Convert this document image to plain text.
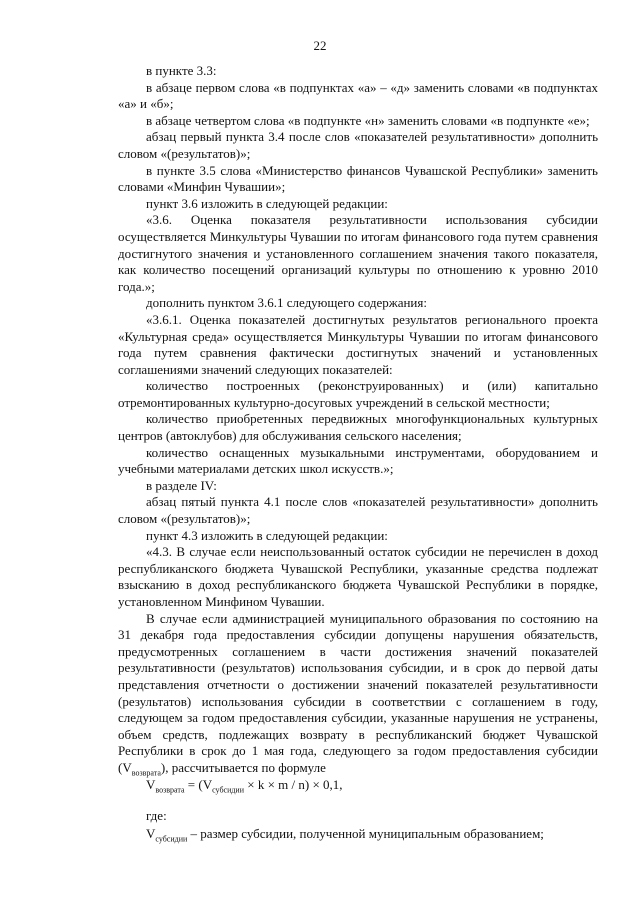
22

в пункте 3.3:

в абзаце первом слова «в подпунктах «а» – «д» заменить словами «в подпунктах «а» и «б»;

в абзаце четвертом слова «в подпункте «н» заменить словами «в подпункте «е»;

абзац первый пункта 3.4 после слов «показателей результативности» дополнить словом «(результатов)»;

в пункте 3.5 слова «Министерство финансов Чувашской Республики» заменить словами «Минфин Чувашии»;

пункт 3.6 изложить в следующей редакции:

«3.6. Оценка показателя результативности использования субсидии осуществляется Минкультуры Чувашии по итогам финансового года путем сравнения достигнутого значения и установленного соглашением значения такого показателя, как количество посещений организаций культуры по отношению к уровню 2010 года.»;

дополнить пунктом 3.6.1 следующего содержания:

«3.6.1. Оценка показателей достигнутых результатов регионального проекта «Культурная среда» осуществляется Минкультуры Чувашии по итогам финансового года путем сравнения фактически достигнутых значений и установленных соглашениями значений следующих показателей:

количество построенных (реконструированных) и (или) капитально отремонтированных культурно-досуговых учреждений в сельской местности;

количество приобретенных передвижных многофункциональных культурных центров (автоклубов) для обслуживания сельского населения;

количество оснащенных музыкальными инструментами, оборудованием и учебными материалами детских школ искусств.»;

в разделе IV:

абзац пятый пункта 4.1 после слов «показателей результативности» дополнить словом «(результатов)»;

пункт 4.3 изложить в следующей редакции:

«4.3. В случае если неиспользованный остаток субсидии не перечислен в доход республиканского бюджета Чувашской Республики, указанные средства подлежат взысканию в доход республиканского бюджета Чувашской Республики в порядке, установленном Минфином Чувашии.

В случае если администрацией муниципального образования по состоянию на 31 декабря года предоставления субсидии допущены нарушения обязательств, предусмотренных соглашением в части достижения значений показателей результативности (результатов) использования субсидии, и в срок до первой даты представления отчетности о достижении значений показателей результативности (результатов) использования субсидии в соответствии с соглашением в году, следующем за годом предоставления субсидии, указанные нарушения не устранены, объем средств, подлежащих возврату в республиканский бюджет Чувашской Республики в срок до 1 мая года, следующего за годом предоставления субсидии $(V_{возврата})$, рассчитывается по формуле

$V_{возврата} = (V_{субсидии} \times k \times m / n) \times 0,1$,
где:
$V_{субсидии}$ – размер субсидии, полученной муниципальным образованием;
